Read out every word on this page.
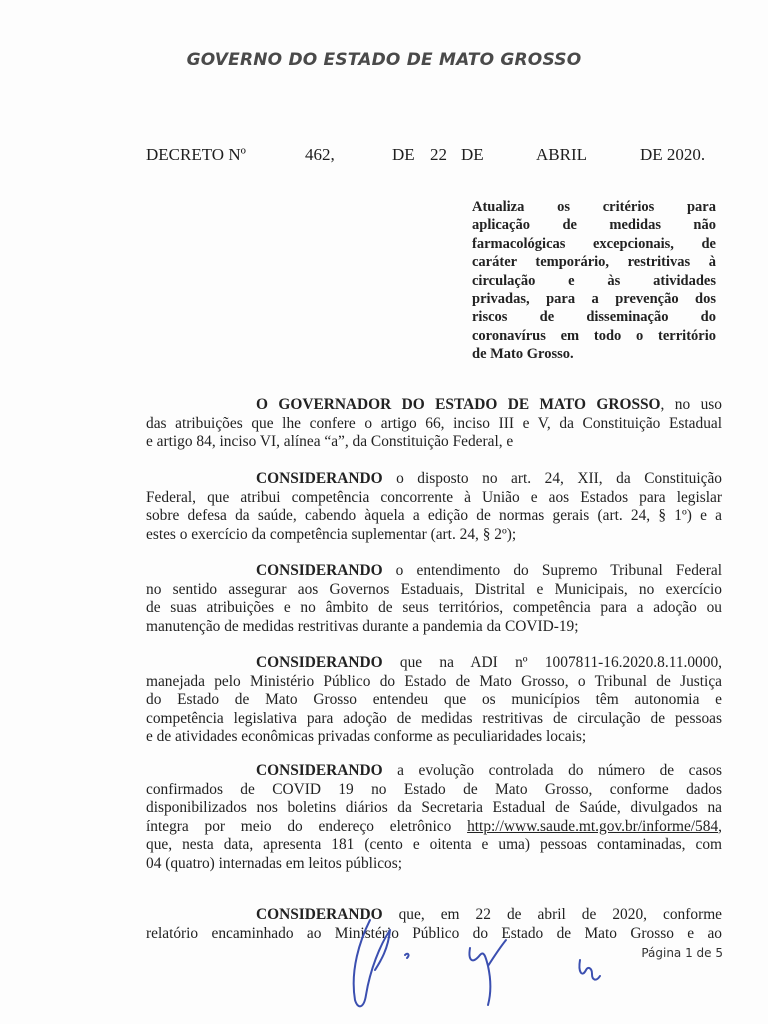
GOVERNO DO ESTADO DE MATO GROSSO
DECRETO Nº	462,	DE 22 DE	ABRIL	DE 2020.
Atualiza os critérios para
aplicação de medidas não
farmacológicas excepcionais, de
caráter temporário, restritivas à
circulação e às atividades
privadas, para a prevenção dos
riscos de disseminação do
coronavírus em todo o território
de Mato Grosso.
O GOVERNADOR DO ESTADO DE MATO GROSSO, no uso
das atribuições que lhe confere o artigo 66, inciso III e V, da Constituição Estadual
e artigo 84, inciso VI, alínea “a”, da Constituição Federal, e
CONSIDERANDO o disposto no art. 24, XII, da Constituição
Federal, que atribui competência concorrente à União e aos Estados para legislar
sobre defesa da saúde, cabendo àquela a edição de normas gerais (art. 24, § 1º) e a
estes o exercício da competência suplementar (art. 24, § 2º);
CONSIDERANDO o entendimento do Supremo Tribunal Federal
no sentido assegurar aos Governos Estaduais, Distrital e Municipais, no exercício
de suas atribuições e no âmbito de seus territórios, competência para a adoção ou
manutenção de medidas restritivas durante a pandemia da COVID-19;
CONSIDERANDO que na ADI nº 1007811-16.2020.8.11.0000,
manejada pelo Ministério Público do Estado de Mato Grosso, o Tribunal de Justiça
do Estado de Mato Grosso entendeu que os municípios têm autonomia e
competência legislativa para adoção de medidas restritivas de circulação de pessoas
e de atividades econômicas privadas conforme as peculiaridades locais;
CONSIDERANDO a evolução controlada do número de casos
confirmados de COVID 19 no Estado de Mato Grosso, conforme dados
disponibilizados nos boletins diários da Secretaria Estadual de Saúde, divulgados na
íntegra por meio do endereço eletrônico http://www.saude.mt.gov.br/informe/584,
que, nesta data, apresenta 181 (cento e oitenta e uma) pessoas contaminadas, com
04 (quatro) internadas em leitos públicos;
CONSIDERANDO que, em 22 de abril de 2020, conforme
relatório encaminhado ao Ministério Público do Estado de Mato Grosso e ao
Página 1 de 5
